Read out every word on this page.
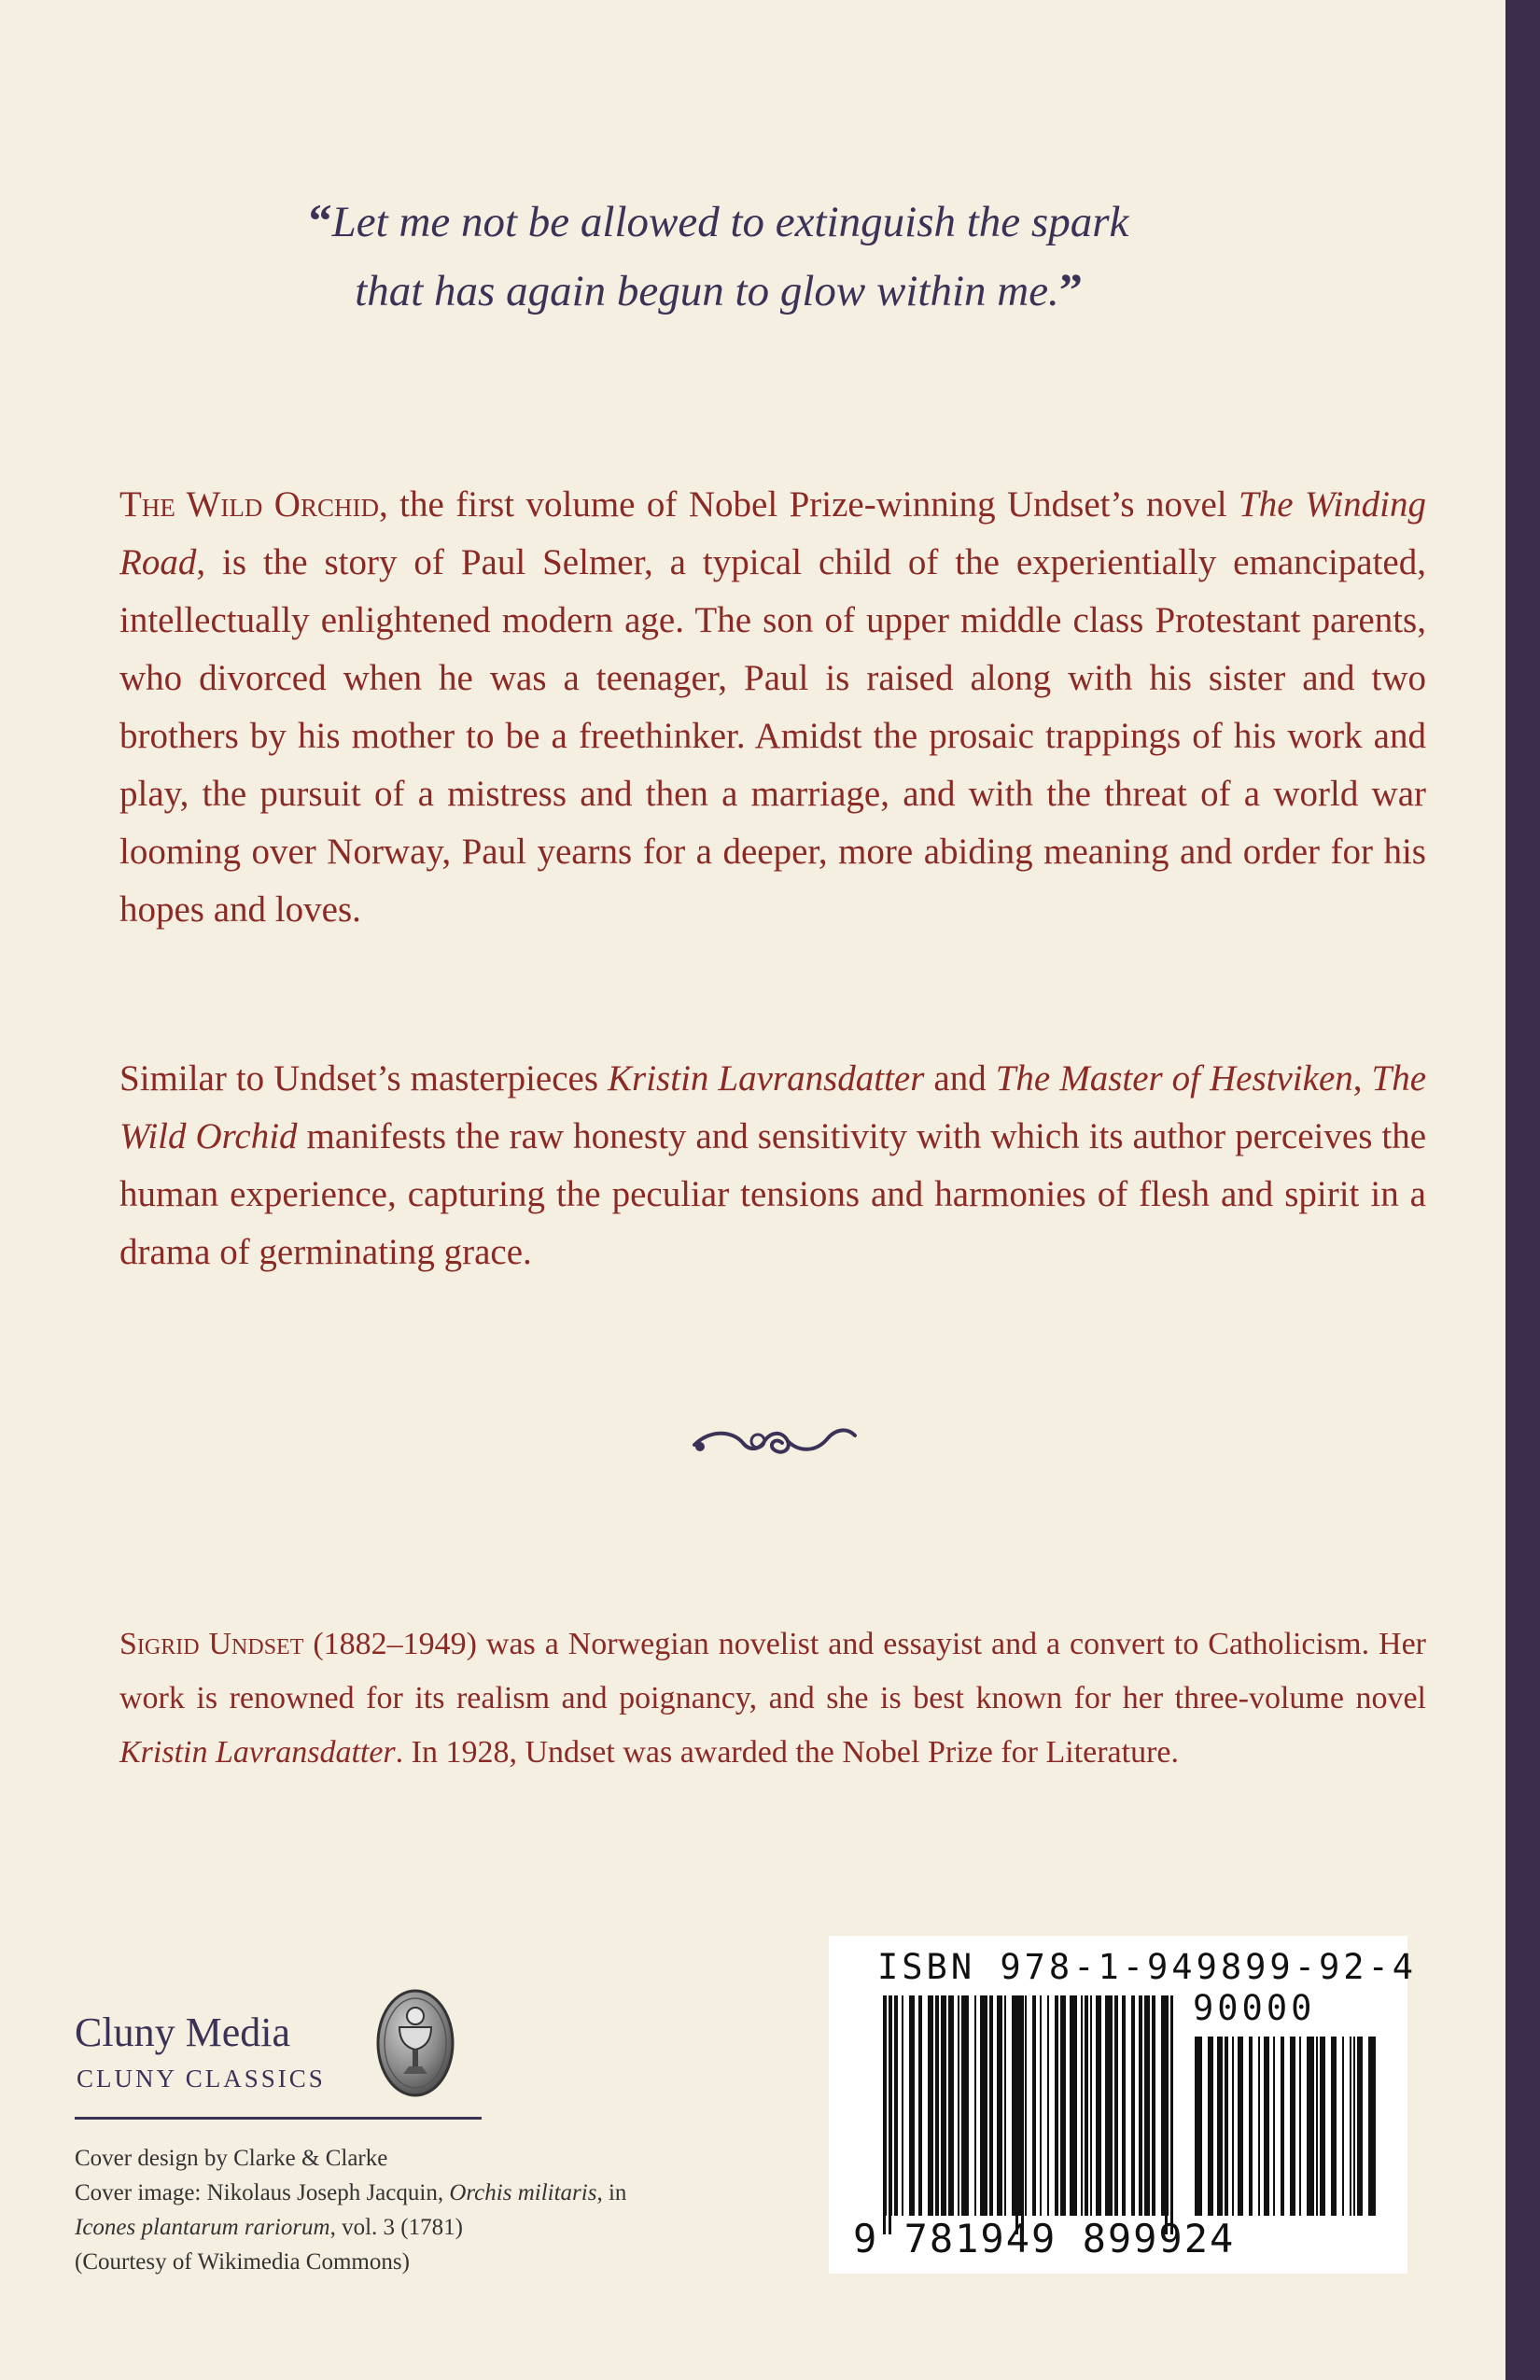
“Let me not be allowed to extinguish the spark
that has again begun to glow within me.”

The Wild Orchid, the first volume of Nobel Prize-winning Undset’s novel The Winding Road, is the story of Paul Selmer, a typical child of the experientially emancipated, intellectually enlightened modern age. The son of upper middle class Protestant parents, who divorced when he was a teenager, Paul is raised along with his sister and two brothers by his mother to be a freethinker. Amidst the prosaic trappings of his work and play, the pursuit of a mistress and then a marriage, and with the threat of a world war looming over Norway, Paul yearns for a deeper, more abiding meaning and order for his hopes and loves.

Similar to Undset’s masterpieces Kristin Lavransdatter and The Master of Hestviken, The Wild Orchid manifests the raw honesty and sensitivity with which its author perceives the human experience, capturing the peculiar tensions and harmonies of flesh and spirit in a drama of germinating grace.

Sigrid Undset (1882–1949) was a Norwegian novelist and essayist and a convert to Catholicism. Her work is renowned for its realism and poignancy, and she is best known for her three-volume novel Kristin Lavransdatter. In 1928, Undset was awarded the Nobel Prize for Literature.

Cluny Media
CLUNY CLASSICS
Cover design by Clarke & Clarke
Cover image: Nikolaus Joseph Jacquin, Orchis militaris, in
Icones plantarum rariorum, vol. 3 (1781)
(Courtesy of Wikimedia Commons)
ISBN 978-1-949899-92-4
90000
9 781949 899924
